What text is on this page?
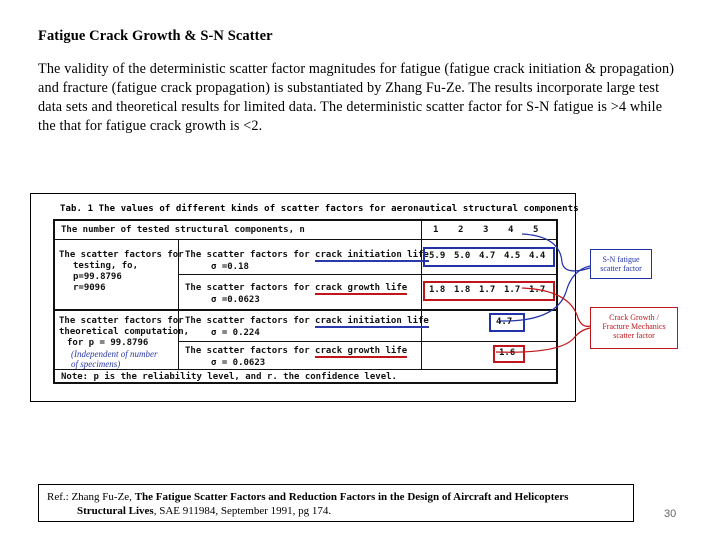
Fatigue Crack Growth & S-N Scatter
The validity of the deterministic scatter factor magnitudes for fatigue (fatigue crack initiation & propagation) and fracture (fatigue crack propagation) is substantiated by Zhang Fu-Ze. The results incorporate large test data sets and theoretical results for limited data. The deterministic scatter factor for S-N fatigue is >4 while the that for fatigue crack growth is <2.
Tab. 1 The values of different kinds of scatter factors for aeronautical structural components
The number of tested structural components, n	1 2 3 4 5
The scatter factors for
testing, fo,
p=99.8796
r=9096
The scatter factors for
theoretical computation,
for p = 99.8796
(Independent of number
of specimens)
The scatter factors for crack initiation life
σ =0.18
5.9 5.0 4.7 4.5 4.4
The scatter factors for crack growth life
σ =0.0623
1.8 1.8 1.7 1.7 1.7
The scatter factors for crack initiation life
σ = 0.224
4.7
The scatter factors for crack growth life
σ = 0.0623
1.6
Note: p is the reliability level, and r. the confidence level.
S-N fatigue
scatter factor
Crack Growth /
Fracture Mechanics
scatter factor
Ref.: Zhang Fu-Ze, The Fatigue Scatter Factors and Reduction Factors in the Design of Aircraft and Helicopters
Structural Lives, SAE 911984, September 1991, pg 174.	30
